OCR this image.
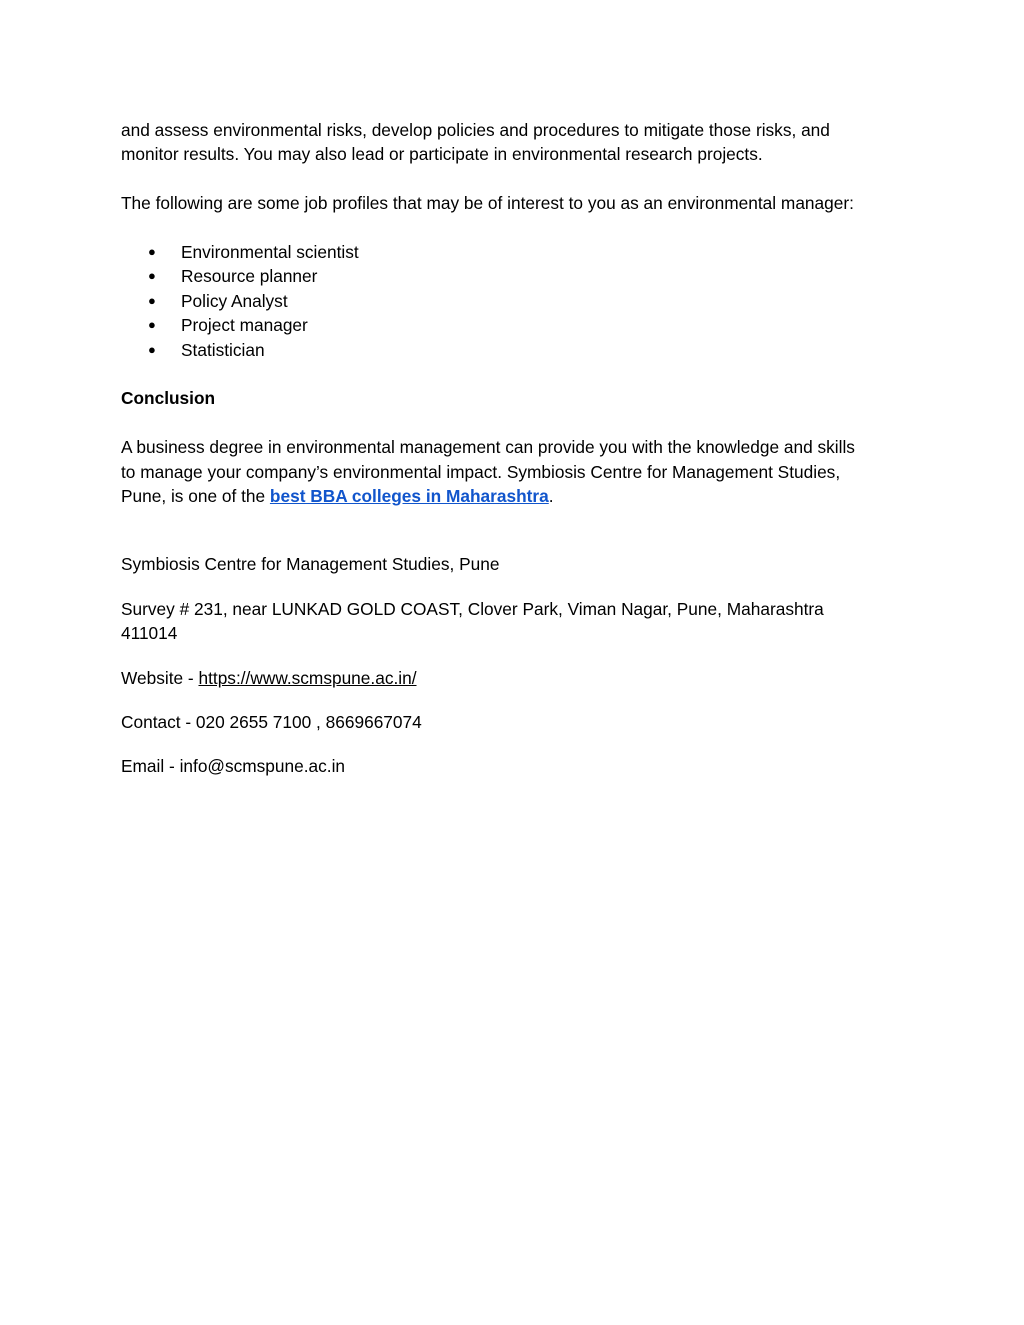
and assess environmental risks, develop policies and procedures to mitigate those risks, and
monitor results. You may also lead or participate in environmental research projects.

The following are some job profiles that may be of interest to you as an environmental manager:

● Environmental scientist
● Resource planner
● Policy Analyst
● Project manager
● Statistician

Conclusion

A business degree in environmental management can provide you with the knowledge and skills
to manage your company’s environmental impact. Symbiosis Centre for Management Studies,
Pune, is one of the best BBA colleges in Maharashtra.

Symbiosis Centre for Management Studies, Pune

Survey # 231, near LUNKAD GOLD COAST, Clover Park, Viman Nagar, Pune, Maharashtra
411014

Website - https://www.scmspune.ac.in/

Contact - 020 2655 7100 , 8669667074

Email - info@scmspune.ac.in
